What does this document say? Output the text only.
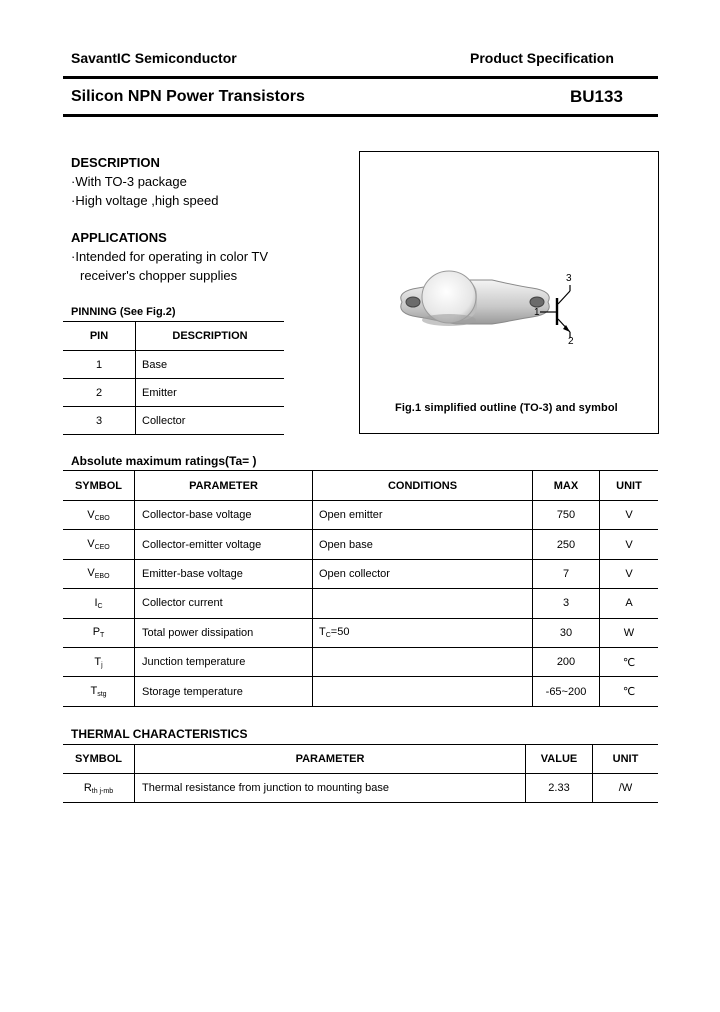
SavantIC Semiconductor	Product Specification
Silicon NPN Power Transistors	BU133
DESCRIPTION
·With TO-3 package
·High voltage ,high speed
APPLICATIONS
·Intended for operating in color TV
receiver's chopper supplies
PINNING (See Fig.2)
PIN	DESCRIPTION
1	Base
2	Emitter
3	Collector
1
2
3
Fig.1 simplified outline (TO-3) and symbol
Absolute maximum ratings(Ta= )
SYMBOL	PARAMETER	CONDITIONS	MAX	UNIT
$V_{CBO}$	Collector-base voltage	Open emitter	750	V
$V_{CEO}$	Collector-emitter voltage	Open base	250	V
$V_{EBO}$	Emitter-base voltage	Open collector	7	V
$I_C$	Collector current		3	A
$P_T$	Total power dissipation	$T_C=50$	30	W
$T_j$	Junction temperature		200	℃
$T_{stg}$	Storage temperature		-65~200	℃
THERMAL CHARACTERISTICS
SYMBOL	PARAMETER	VALUE	UNIT
$R_{th j-mb}$	Thermal resistance from junction to mounting base	2.33	/W
